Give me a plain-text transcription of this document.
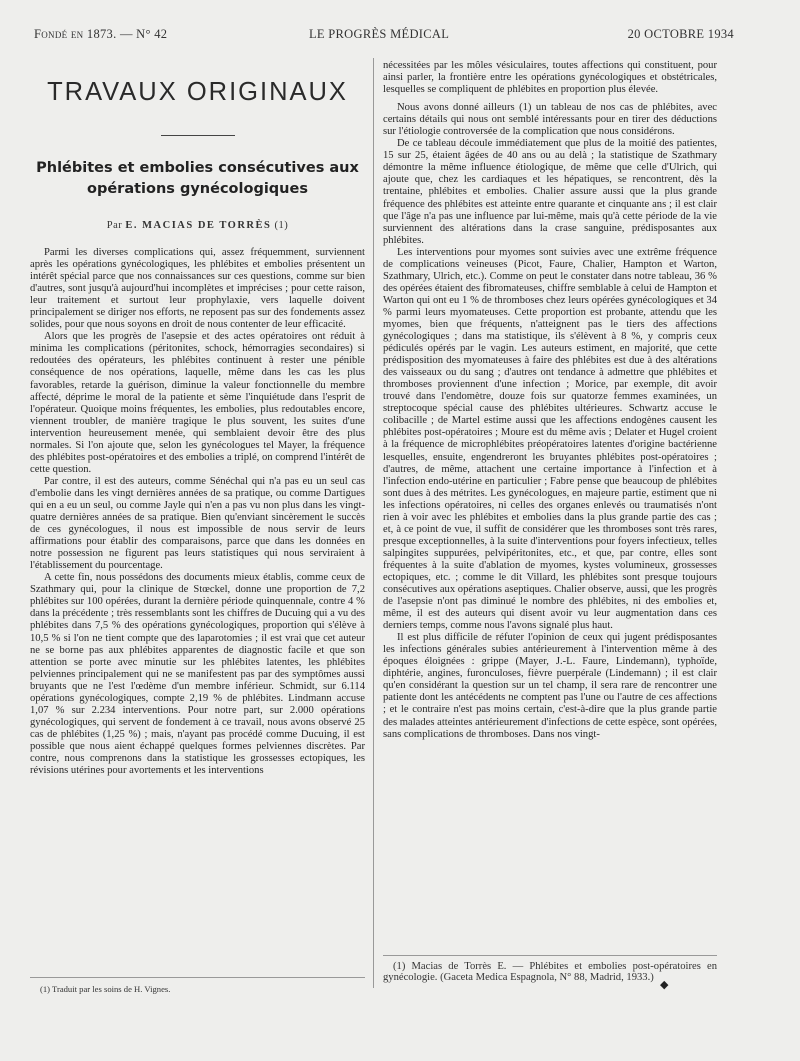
Fondé en 1873. — N° 42	LE PROGRÈS MÉDICAL	20 OCTOBRE 1934
TRAVAUX ORIGINAUX
Phlébites et embolies consécutives aux opérations gynécologiques
Par E. MACIAS DE TORRÈS (1)

Parmi les diverses complications qui, assez fréquemment, surviennent après les opérations gynécologiques, les phlébites et embolies présentent un intérêt spécial parce que nos connaissances sur ces questions, comme sur bien d'autres, sont jusqu'à aujourd'hui incomplètes et imprécises ; pour cette raison, leur traitement et surtout leur prophylaxie, vers laquelle doivent principalement se diriger nos efforts, ne reposent pas sur des fondements assez solides, pour que nous soyons en droit de nous contenter de leur efficacité.

Alors que les progrès de l'asepsie et des actes opératoires ont réduit à minima les complications (péritonites, schock, hémorragies secondaires) si redoutées des opérateurs, les phlébites continuent à rester une pénible conséquence de nos opérations, laquelle, même dans les cas les plus favorables, retarde la guérison, diminue la valeur fonctionnelle du membre affecté, déprime le moral de la patiente et sème l'inquiétude dans l'esprit de l'opérateur. Quoique moins fréquentes, les embolies, plus redoutables encore, viennent troubler, de manière tragique le plus souvent, les suites d'une intervention heureusement menée, qui semblaient devoir être des plus normales. Si l'on ajoute que, selon les gynécologues tel Mayer, la fréquence des phlébites post-opératoires et des embolies a triplé, on comprend l'intérêt de cette question.

Par contre, il est des auteurs, comme Sénéchal qui n'a pas eu un seul cas d'embolie dans les vingt dernières années de sa pratique, ou comme Dartigues qui en a eu un seul, ou comme Jayle qui n'en a pas vu non plus dans les vingt-quatre dernières années de sa pratique. Bien qu'enviant sincèrement le succès de ces gynécologues, il nous est impossible de nous servir de leurs affirmations pour établir des comparaisons, parce que dans les données en notre possession ne figurent pas leurs statistiques qui nous serviraient à l'établissement du pourcentage.

A cette fin, nous possédons des documents mieux établis, comme ceux de Szathmary qui, pour la clinique de Stœckel, donne une proportion de 7,2 phlébites sur 100 opérées, durant la dernière période quinquennale, contre 4 % dans la précédente ; très ressemblants sont les chiffres de Ducuing qui a vu des phlébites dans 7,5 % des opérations gynécologiques, proportion qui s'élève à 10,5 % si l'on ne tient compte que des laparotomies ; il est vrai que cet auteur ne se borne pas aux phlébites apparentes de diagnostic facile et que son attention se porte avec minutie sur les phlébites latentes, les phlébites pelviennes principalement qui ne se manifestent pas par des symptômes aussi bruyants que ne l'est l'œdème d'un membre inférieur. Schmidt, sur 6.114 opérations gynécologiques, compte 2,19 % de phlébites. Lindmann accuse 1,07 % sur 2.234 interventions. Pour notre part, sur 2.000 opérations gynécologiques, qui servent de fondement à ce travail, nous avons observé 25 cas de phlébites (1,25 %) ; mais, n'ayant pas procédé comme Ducuing, il est possible que nous aient échappé quelques formes pelviennes discrètes. Par contre, nous comprenons dans la statistique les grossesses ectopiques, les révisions utérines pour avortements et les interventions

(1) Traduit par les soins de H. Vignes.

nécessitées par les môles vésiculaires, toutes affections qui constituent, pour ainsi parler, la frontière entre les opérations gynécologiques et obstétricales, lesquelles se compliquent de phlébites en proportion plus élevée.

Nous avons donné ailleurs (1) un tableau de nos cas de phlébites, avec certains détails qui nous ont semblé intéressants pour en tirer des déductions sur l'étiologie controversée de la complication que nous considérons.

De ce tableau découle immédiatement que plus de la moitié des patientes, 15 sur 25, étaient âgées de 40 ans ou au delà ; la statistique de Szathmary démontre la même influence étiologique, de même que celle d'Ulrich, qui ajoute que, chez les cardiaques et les hépatiques, se rencontrent, dès la trentaine, phlébites et embolies. Chalier assure aussi que la plus grande fréquence des phlébites est atteinte entre quarante et cinquante ans ; il est clair que l'âge n'a pas une influence par lui-même, mais qu'à cette période de la vie surviennent des altérations dans la crase sanguine, prédisposantes aux phlébites.

Les interventions pour myomes sont suivies avec une extrême fréquence de complications veineuses (Picot, Faure, Chalier, Hampton et Warton, Szathmary, Ulrich, etc.). Comme on peut le constater dans notre tableau, 36 % des opérées étaient des fibromateuses, chiffre semblable à celui de Hampton et Warton qui ont eu 1 % de thromboses chez leurs opérées gynécologiques et 34 % parmi leurs myomateuses. Cette proportion est probante, attendu que les myomes, bien que fréquents, n'atteignent pas le tiers des affections gynécologiques ; dans ma statistique, ils s'élèvent à 8 %, y compris ceux pédiculés opérés par le vagin. Les auteurs estiment, en majorité, que cette prédisposition des myomateuses à faire des phlébites est due à des altérations des vaisseaux ou du sang ; d'autres ont tendance à admettre que phlébites et thromboses proviennent d'une infection ; Morice, par exemple, dit avoir trouvé dans l'endomètre, douze fois sur quatorze femmes examinées, un streptocoque spécial cause des phlébites ultérieures. Schwartz accuse le colibacille ; de Martel estime aussi que les affections endogènes causent les phlébites post-opératoires ; Moure est du même avis ; Delater et Hugel croient à la fréquence de microphlébites préopératoires latentes d'origine bactérienne lesquelles, ensuite, engendreront les bruyantes phlébites post-opératoires ; d'autres, de même, attachent une certaine importance à l'infection et à l'infection endo-utérine en particulier ; Fabre pense que beaucoup de phlébites sont dues à des métrites. Les gynécologues, en majeure partie, estiment que ni les infections opératoires, ni celles des organes enlevés ou traumatisés n'ont rien à voir avec les phlébites et embolies dans la plus grande partie des cas ; et, à ce point de vue, il suffit de considérer que les thromboses sont très rares, presque exceptionnelles, à la suite d'interventions pour foyers infectieux, telles salpingites suppurées, pelvipéritonites, etc., et que, par contre, elles sont fréquentes à la suite d'ablation de myomes, kystes volumineux, grossesses ectopiques, etc. ; comme le dit Villard, les phlébites sont presque toujours consécutives aux opérations aseptiques. Chalier observe, aussi, que les progrès de l'asepsie n'ont pas diminué le nombre des phlébites, ni des embolies et, même, il est des auteurs qui disent avoir vu leur augmentation dans ces derniers temps, comme nous l'avons signalé plus haut.

Il est plus difficile de réfuter l'opinion de ceux qui jugent prédisposantes les infections générales subies antérieurement à l'intervention même à des époques éloignées : grippe (Mayer, J.-L. Faure, Lindemann), typhoïde, diphtérie, angines, furonculoses, fièvre puerpérale (Lindemann) ; il est clair qu'en considérant la question sur un tel champ, il sera rare de rencontrer une patiente dont les antécédents ne comptent pas l'une ou l'autre de ces affections ; et le contraire n'est pas moins certain, c'est-à-dire que la plus grande partie des malades atteintes antérieurement d'infections de cette espèce, sont opérées, sans complications de thromboses. Dans nos vingt-

(1) Macias de Torrès E. — Phlébites et embolies post-opératoires en gynécologie. (Gaceta Medica Espagnola, N° 88, Madrid, 1933.)

◆
